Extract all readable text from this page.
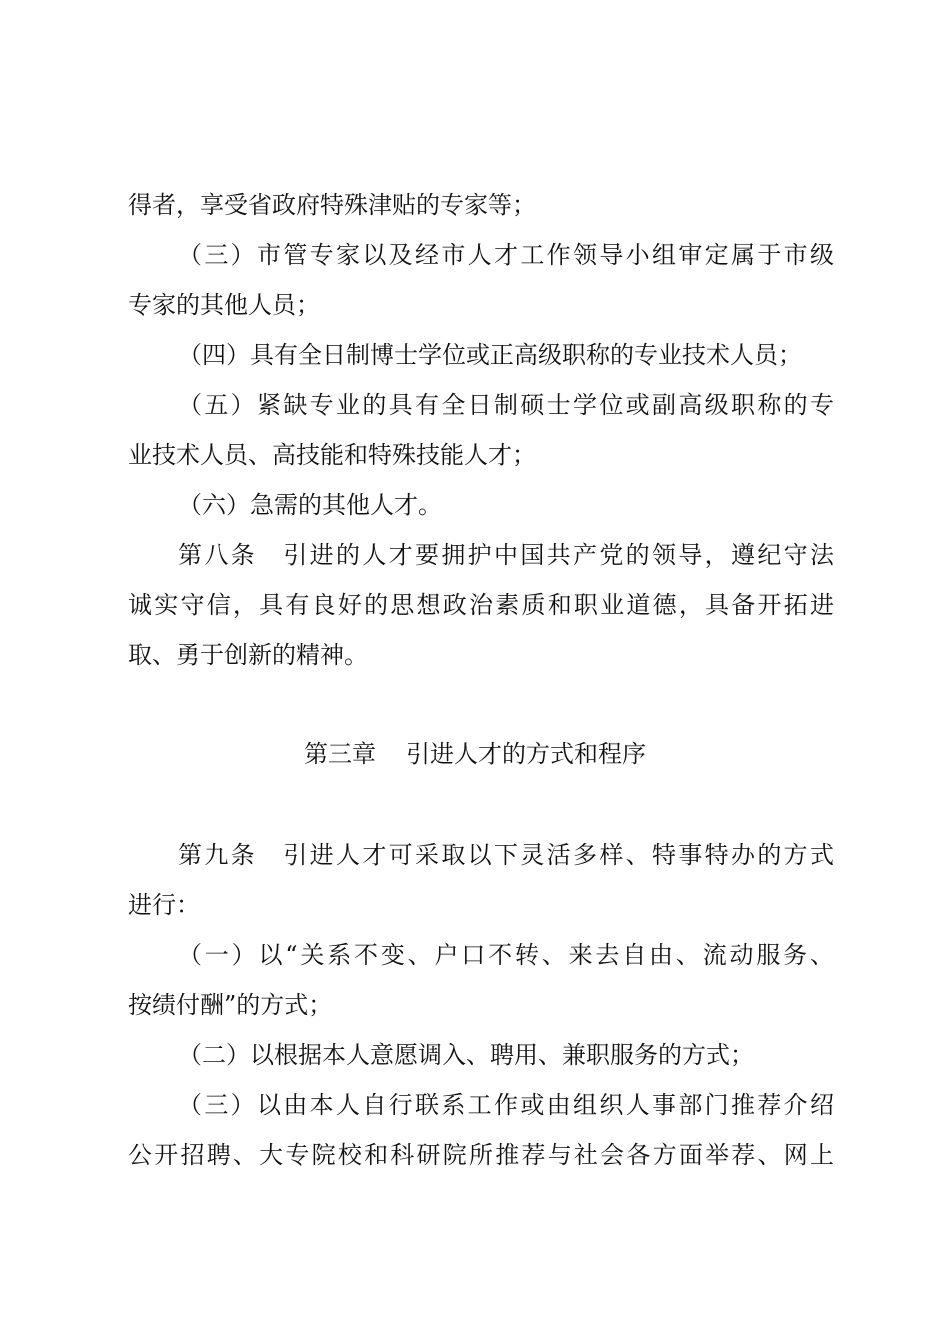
得者，享受省政府特殊津贴的专家等；
（三）市管专家以及经市人才工作领导小组审定属于市级
专家的其他人员；
（四）具有全日制博士学位或正高级职称的专业技术人员；
（五）紧缺专业的具有全日制硕士学位或副高级职称的专
业技术人员、高技能和特殊技能人才；
（六）急需的其他人才。
第八条　引进的人才要拥护中国共产党的领导，遵纪守法
诚实守信，具有良好的思想政治素质和职业道德，具备开拓进
取、勇于创新的精神。
第三章 引进人才的方式和程序
第九条　引进人才可采取以下灵活多样、特事特办的方式
进行：
（一）以“关系不变、户口不转、来去自由、流动服务、
按绩付酬”的方式；
（二）以根据本人意愿调入、聘用、兼职服务的方式；
（三）以由本人自行联系工作或由组织人事部门推荐介绍
公开招聘、大专院校和科研院所推荐与社会各方面举荐、网上
